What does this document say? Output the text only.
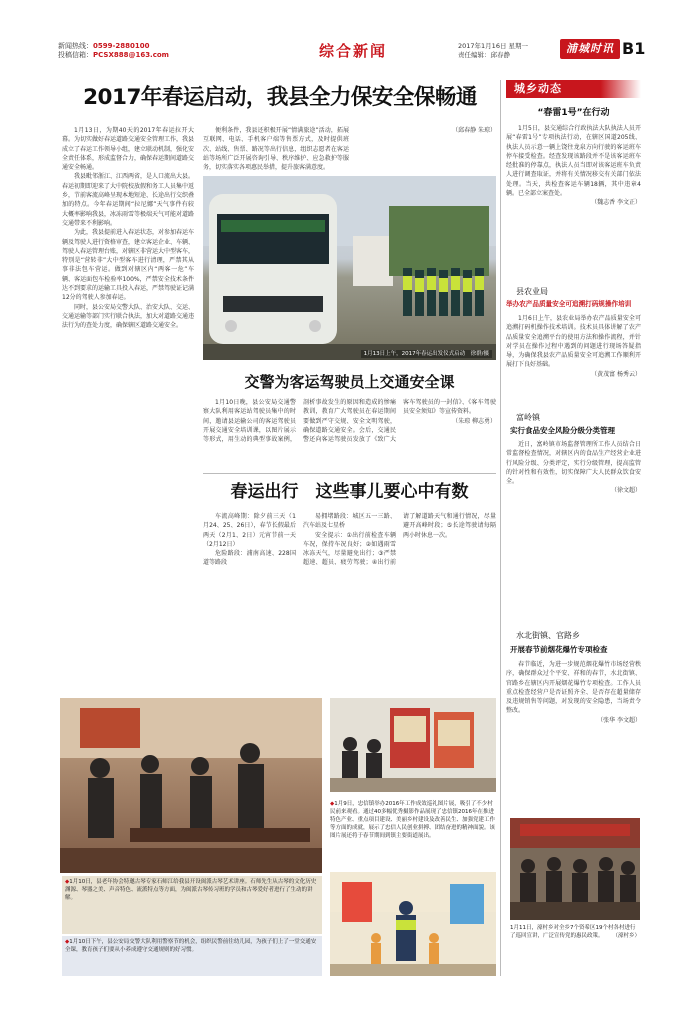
新闻热线：0599-2880100
投稿信箱：PCSX888@163.com	综合新闻	2017年1月16日 星期一
责任编辑：邱春静	浦城时讯 B1
2017年春运启动，我县全力保安全保畅通

1月13日，为期40天的2017年春运拉开大幕。为切实做好春运道路交通安全管理工作，我县成立了春运工作领导小组，建立联动机制，强化安全责任体系，形成监督合力，确保春运期间道路交通安全畅通。

我县毗邻浙江、江西两省，是人口流出大县。春运初期即迎来了大中院校放假和务工人员集中返乡，节前客流高峰呈现本地短途、长途出行交织叠加的特点。今年春运期间“拉尼娜”天气事件有较大概率影响我县，冰冻雨雪等极端天气可能对道路交通带来不利影响。

为此，我县提前进入春运状态，对参加春运车辆及驾驶人进行资格审查，建立客运企业、车辆、驾驶人春运管理台账，对辖区非营运大中型客车，特别是“营转非”大中型客车进行清理，严禁其从事非法包车营运。做到对辖区内“两客一危”车辆、客运面包车检验率100%，严禁安全技术条件达不到要求的运输工具投入春运，严禁驾驶证记满12分的驾驶人参加春运。

同时，县公安局交警大队、治安大队、交运、交通运输等部门实行联合执法，加大对道路交通违法行为的查处力度，确保辖区道路交通安全。

便利条件，我县还积极开展“情满旅途”活动，拓展互联网、电话、手机客户端等售票方式，及时提供班次、站线、售票、路况等出行信息，组织志愿者在客运站等场所广泛开展咨询引导、秩序维护、应急救护等服务，切实落实各项惠民举措，提升旅客满意度。

（邱春静 朱琼）

1月13日上午，2017年春运出发仪式启动　徐群/摄
交警为客运驾驶员上交通安全课

1月10日晚，县公安局交通警察大队利用客运站驾驶员集中的时间，邀请县运输公司的客运驾驶员开展交通安全培训课，以图片展示等形式，用生动的典型事故案例，剖析事故发生的原因和造成的惨痛教训，教育广大驾驶员在春运期间要做到严守交规、安全文明驾驶，确保道路交通安全。会后，交通民警还向客运驾驶员发放了《致广大客车驾驶员的一封信》、《客车驾驶员安全须知》等宣传资料。

（朱琼 柳志勇）

春运出行　这些事儿要心中有数

车流高峰期：除夕前三天（1月24、25、26日），春节长假最后两天（2月1、2日）元宵节前一天（2月12日）

危险路段：浦南高速、228国道等路段

易拥堵路段：城区五一三路、汽车站及七星桥

安全提示：①出行前检查车辆车况，保持车况良好；②如遇雨雪冰冻天气，尽量避免出行；③严禁超速、超员、疲劳驾驶；④出行前请了解道路天气和通行情况，尽量避开高峰时段；⑤长途驾驶请每隔两小时休息一次。

◆1月9日，忠信镇举办2016年工作成效巡礼图片展，吸引了不少村民前来观看。通过40多幅优秀摄影作品展现了忠信镇2016年在推进特色产业、重点项目建设、美丽乡村建设及改善民生、加强党建工作等方面的成就，展示了忠信人民创业拼搏、团结奋进的精神面貌。该图片展还将于春节期间到镇主要街道展出。
◆1月10日，县老年协会特邀古琴专家石师江给我县开设闽派古琴艺术讲座。石师先生从古琴的文化历史渊源、琴器之美、声音特色、流派特点等方面，为闽派古琴传习班的学员和古琴爱好者进行了生动的讲解。
◆1月10日下午，县公安局交警大队利用警察节的机会，组织民警前往幼儿园，为孩子们上了一堂交通安全课，教育孩子们要从小养成遵守交通规则的好习惯。
城乡动态
“春雷1号”在行动

1月5日，县交通综合行政执法大队执法人员开展“春雷1号”专项执法行动，在辖区国道205线、执法人员示意一辆上饶往龙泉方向行驶的客运班车停车接受检查。经查发现该路段并不是该客运班车经批准的停靠点，执法人员当即对该客运班车负责人进行调查取证，并将有关情况移交有关部门依法处理。当天，共检查客运车辆18辆，其中违章4辆。已全部立案查处。

（魏志香 李文正）

县农业局
举办农产品质量安全可追溯打码规操作培训

1月6日上午，县农业局举办农产品质量安全可追溯打码机操作技术培训。技术员具体讲解了农产品质量安全追溯平台的使用方法和操作流程，并针对学员在操作过程中遇到的问题进行现场答疑指导，为确保我县农产品质量安全可追溯工作顺利开展打下良好基础。

（黄茂富 杨秀云）

富岭镇
实行食品安全风险分级分类管理

近日，富岭镇市场监督管理所工作人员结合日常监督检查情况，对辖区内的食品生产经营企业进行风险分级、分类评定，实行分级管理，提高监管的针对性和有效性，切实保障广大人民群众饮食安全。

（徐文超）

水北街镇、官路乡
开展春节前烟花爆竹专项检查

春节临近，为进一步规范烟花爆竹市场经营秩序，确保群众过个平安、祥和的春节，水北街镇、官路乡在辖区内开展烟花爆竹专项检查。工作人员重点检查经营户是否证照齐全、是否存在超量储存及违规销售等问题，对发现的安全隐患，当场责令整改。

（张华 李文超）

1月11日，濠村乡对全乡7个资希区19个村各村进行了巡回宣讲，广泛宣传党的惠民政策。 （濠村乡）
